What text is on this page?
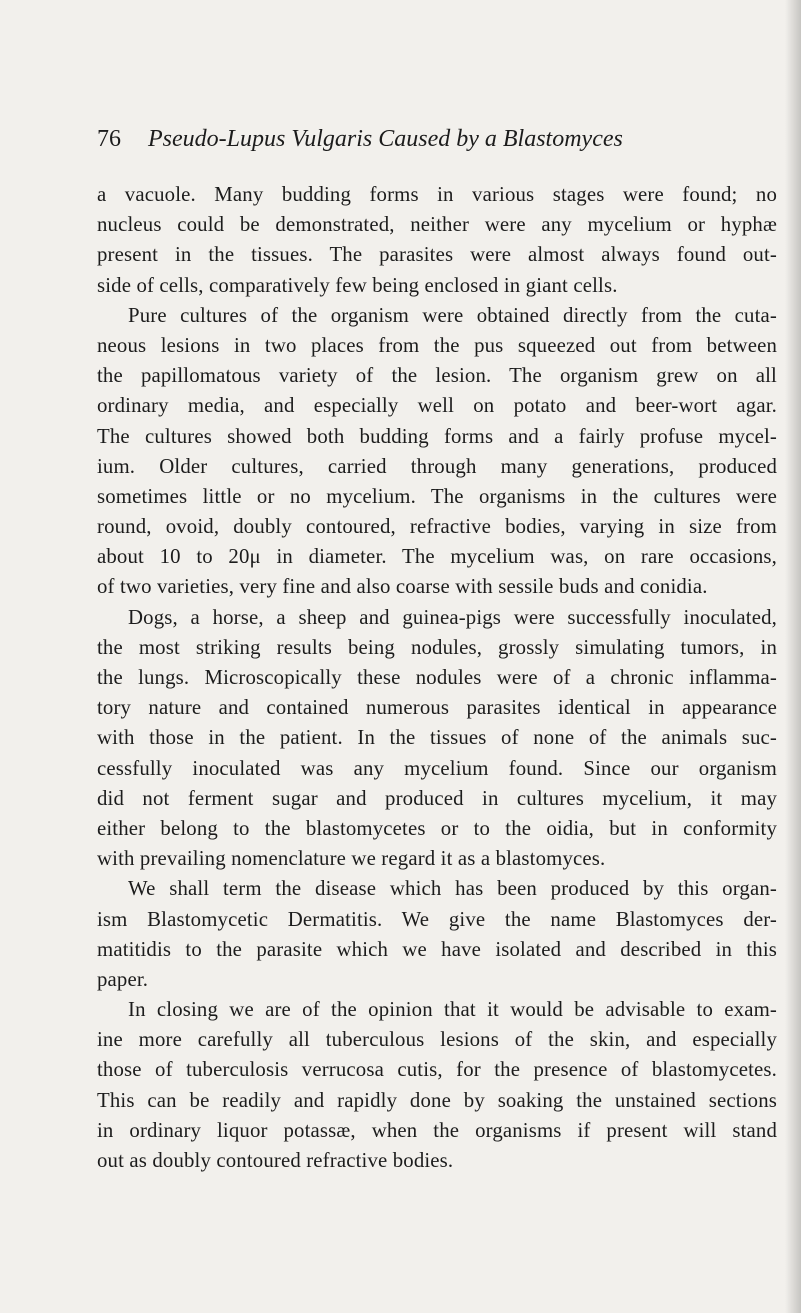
76 Pseudo-Lupus Vulgaris Caused by a Blastomyces
a vacuole. Many budding forms in various stages were found; no
nucleus could be demonstrated, neither were any mycelium or hyphæ
present in the tissues. The parasites were almost always found out-
side of cells, comparatively few being enclosed in giant cells.
Pure cultures of the organism were obtained directly from the cuta-
neous lesions in two places from the pus squeezed out from between
the papillomatous variety of the lesion. The organism grew on all
ordinary media, and especially well on potato and beer-wort agar.
The cultures showed both budding forms and a fairly profuse mycel-
ium. Older cultures, carried through many generations, produced
sometimes little or no mycelium. The organisms in the cultures were
round, ovoid, doubly contoured, refractive bodies, varying in size from
about 10 to 20μ in diameter. The mycelium was, on rare occasions,
of two varieties, very fine and also coarse with sessile buds and conidia.
Dogs, a horse, a sheep and guinea-pigs were successfully inoculated,
the most striking results being nodules, grossly simulating tumors, in
the lungs. Microscopically these nodules were of a chronic inflamma-
tory nature and contained numerous parasites identical in appearance
with those in the patient. In the tissues of none of the animals suc-
cessfully inoculated was any mycelium found. Since our organism
did not ferment sugar and produced in cultures mycelium, it may
either belong to the blastomycetes or to the oidia, but in conformity
with prevailing nomenclature we regard it as a blastomyces.
We shall term the disease which has been produced by this organ-
ism Blastomycetic Dermatitis. We give the name Blastomyces der-
matitidis to the parasite which we have isolated and described in this
paper.
In closing we are of the opinion that it would be advisable to exam-
ine more carefully all tuberculous lesions of the skin, and especially
those of tuberculosis verrucosa cutis, for the presence of blastomycetes.
This can be readily and rapidly done by soaking the unstained sections
in ordinary liquor potassæ, when the organisms if present will stand
out as doubly contoured refractive bodies.
